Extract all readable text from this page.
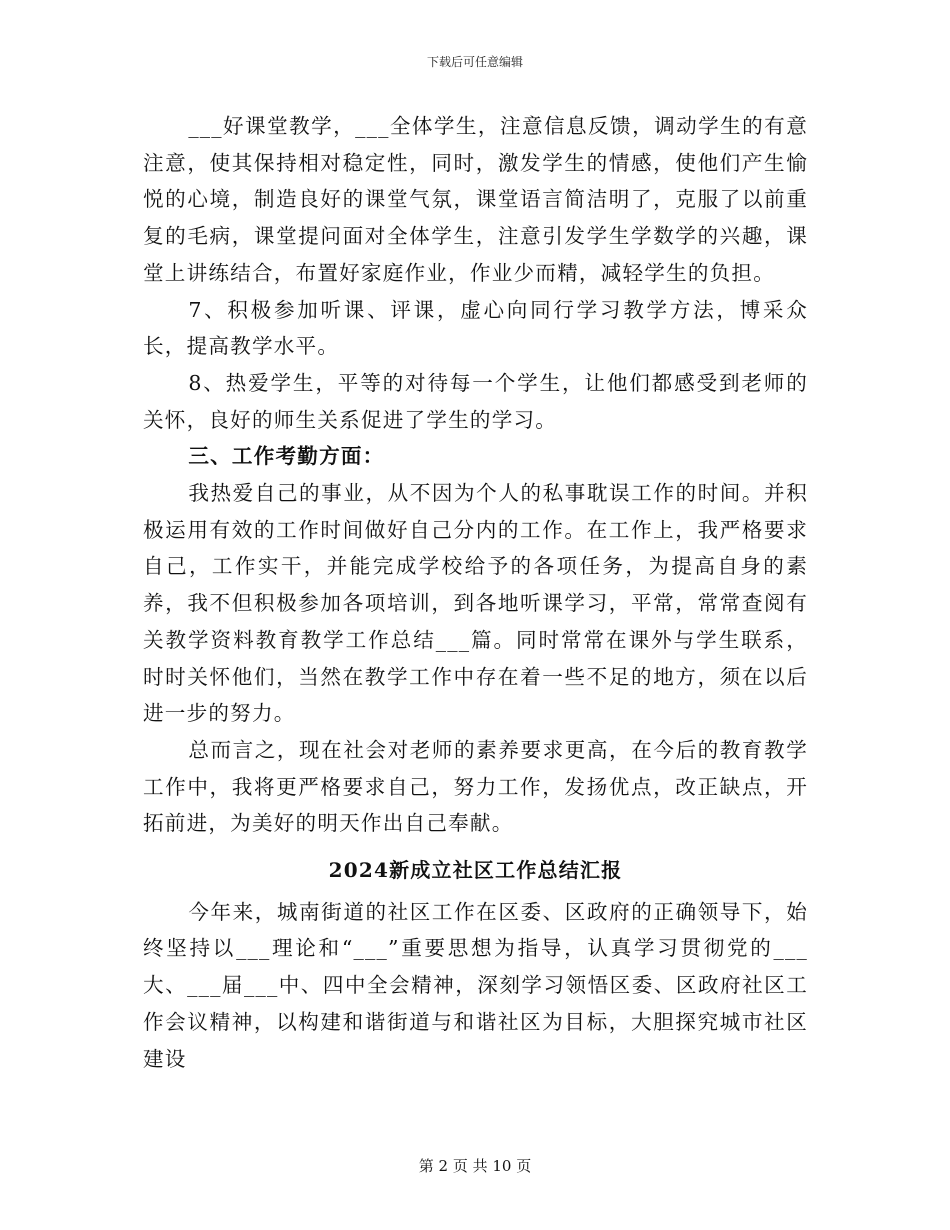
下载后可任意编辑

___好课堂教学，___全体学生，注意信息反馈，调动学生的有意注意，使其保持相对稳定性，同时，激发学生的情感，使他们产生愉悦的心境，制造良好的课堂气氛，课堂语言简洁明了，克服了以前重复的毛病，课堂提问面对全体学生，注意引发学生学数学的兴趣，课堂上讲练结合，布置好家庭作业，作业少而精，减轻学生的负担。

7、积极参加听课、评课，虚心向同行学习教学方法，博采众长，提高教学水平。

8、热爱学生，平等的对待每一个学生，让他们都感受到老师的关怀，良好的师生关系促进了学生的学习。

三、工作考勤方面：

我热爱自己的事业，从不因为个人的私事耽误工作的时间。并积极运用有效的工作时间做好自己分内的工作。在工作上，我严格要求自己，工作实干，并能完成学校给予的各项任务，为提高自身的素养，我不但积极参加各项培训，到各地听课学习，平常，常常查阅有关教学资料教育教学工作总结___篇。同时常常在课外与学生联系，时时关怀他们，当然在教学工作中存在着一些不足的地方，须在以后进一步的努力。

总而言之，现在社会对老师的素养要求更高，在今后的教育教学工作中，我将更严格要求自己，努力工作，发扬优点，改正缺点，开拓前进，为美好的明天作出自己奉献。

2024新成立社区工作总结汇报

今年来，城南街道的社区工作在区委、区政府的正确领导下，始终坚持以___理论和“___”重要思想为指导，认真学习贯彻党的___大、___届___中、四中全会精神，深刻学习领悟区委、区政府社区工作会议精神，以构建和谐街道与和谐社区为目标，大胆探究城市社区建设

第 2 页 共 10 页
